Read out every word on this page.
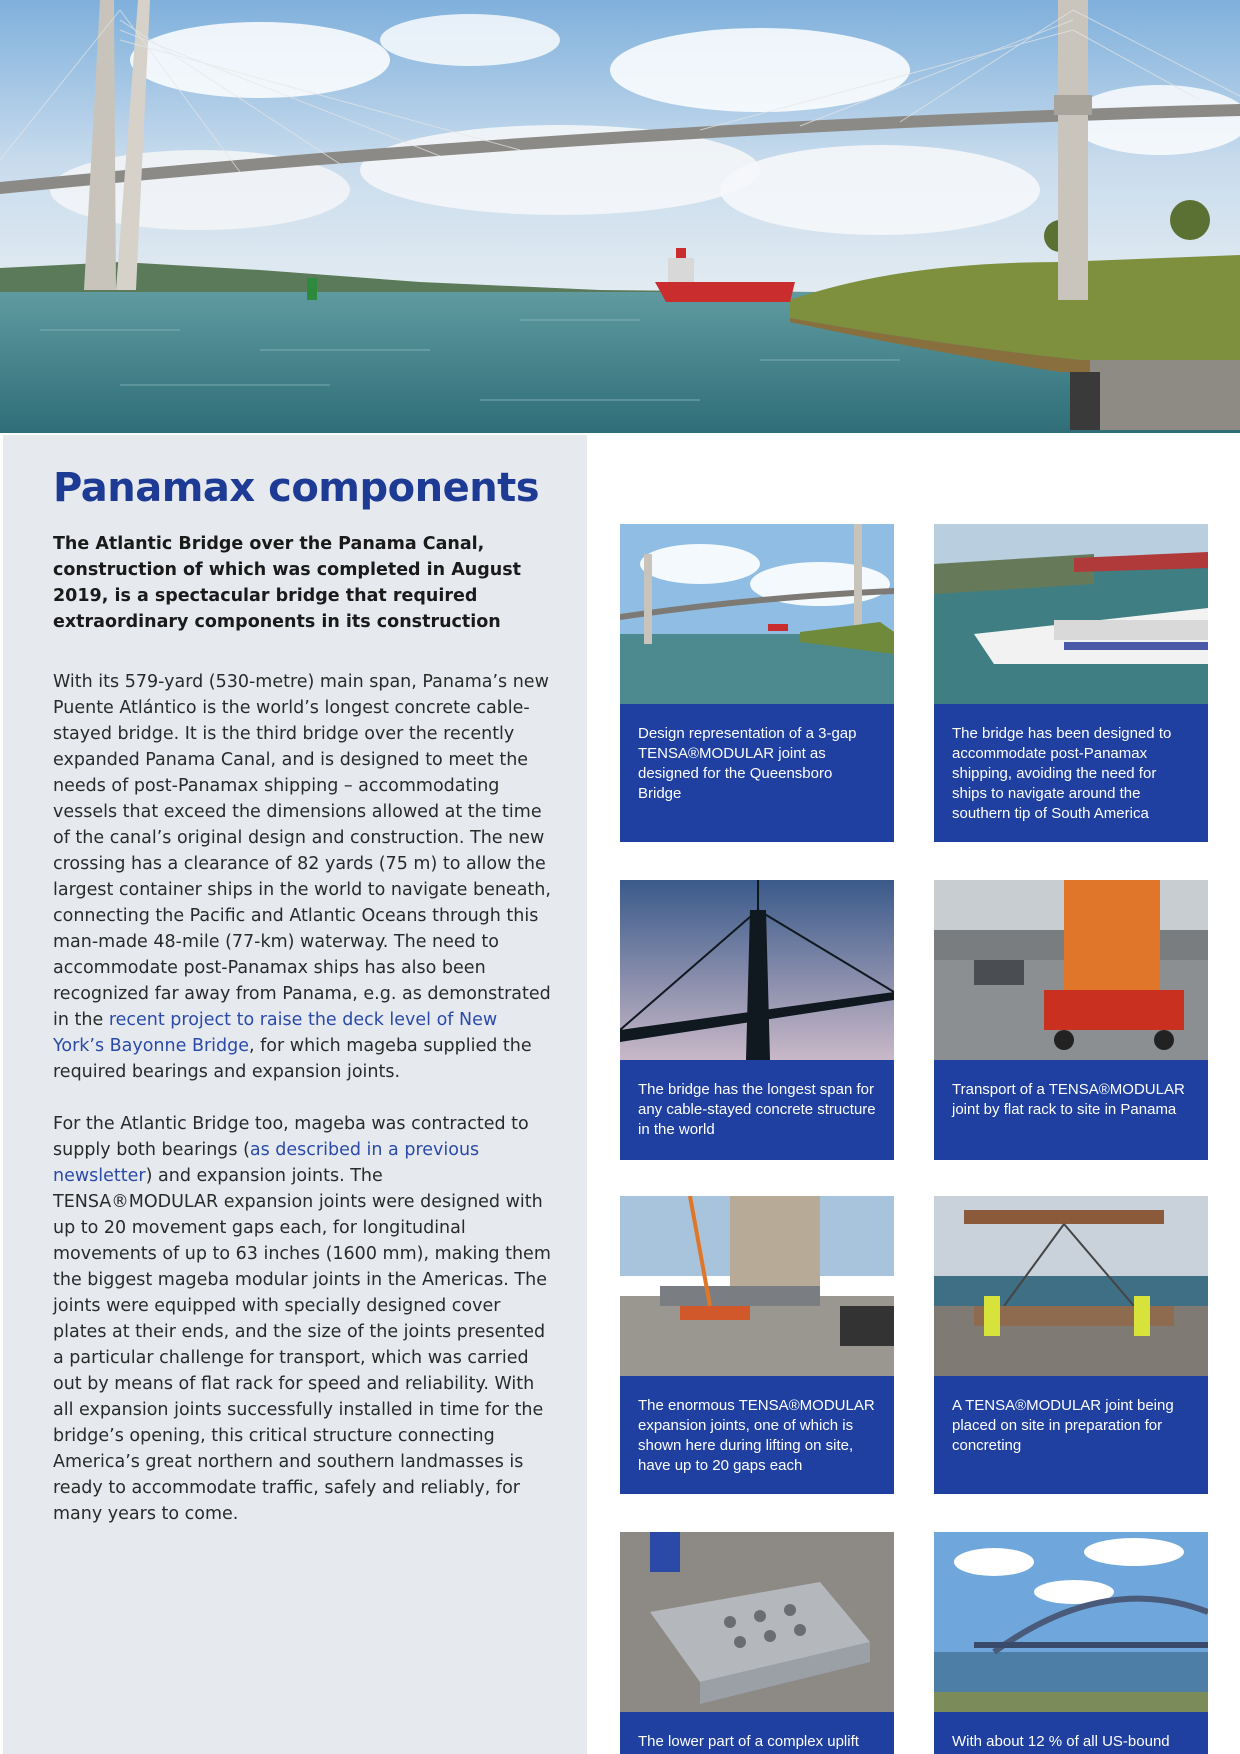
Panamax components

The Atlantic Bridge over the Panama Canal, construction of which was completed in August 2019, is a spectacular bridge that required extraordinary components in its construction

With its 579-yard (530-metre) main span, Panama’s new Puente Atlántico is the world’s longest concrete cable-stayed bridge. It is the third bridge over the recently expanded Panama Canal, and is designed to meet the needs of post-Panamax shipping – accommodating vessels that exceed the dimensions allowed at the time of the canal’s original design and construction. The new crossing has a clearance of 82 yards (75 m) to allow the largest container ships in the world to navigate beneath, connecting the Pacific and Atlantic Oceans through this man-made 48-mile (77-km) waterway. The need to accommodate post-Panamax ships has also been recognized far away from Panama, e.g. as demonstrated in the recent project to raise the deck level of New York’s Bayonne Bridge, for which mageba supplied the required bearings and expansion joints.

For the Atlantic Bridge too, mageba was contracted to supply both bearings (as described in a previous newsletter) and expansion joints. The TENSA®MODULAR expansion joints were designed with up to 20 movement gaps each, for longitudinal movements of up to 63 inches (1600 mm), making them the biggest mageba modular joints in the Americas. The joints were equipped with specially designed cover plates at their ends, and the size of the joints presented a particular challenge for transport, which was carried out by means of flat rack for speed and reliability. With all expansion joints successfully installed in time for the bridge’s opening, this critical structure connecting America’s great northern and southern landmasses is ready to accommodate traffic, safely and reliably, for many years to come.

Design representation of a 3-gap TENSA®MODULAR joint as designed for the Queensboro Bridge
The bridge has been designed to accommodate post-Panamax shipping, avoiding the need for ships to navigate around the southern tip of South America
The bridge has the longest span for any cable-stayed concrete structure in the world
Transport of a TENSA®MODULAR joint by flat rack to site in Panama
The enormous TENSA®MODULAR expansion joints, one of which is shown here during lifting on site, have up to 20 gaps each
A TENSA®MODULAR joint being placed on site in preparation for concreting
The lower part of a complex uplift	With about 12 % of all US-bound
